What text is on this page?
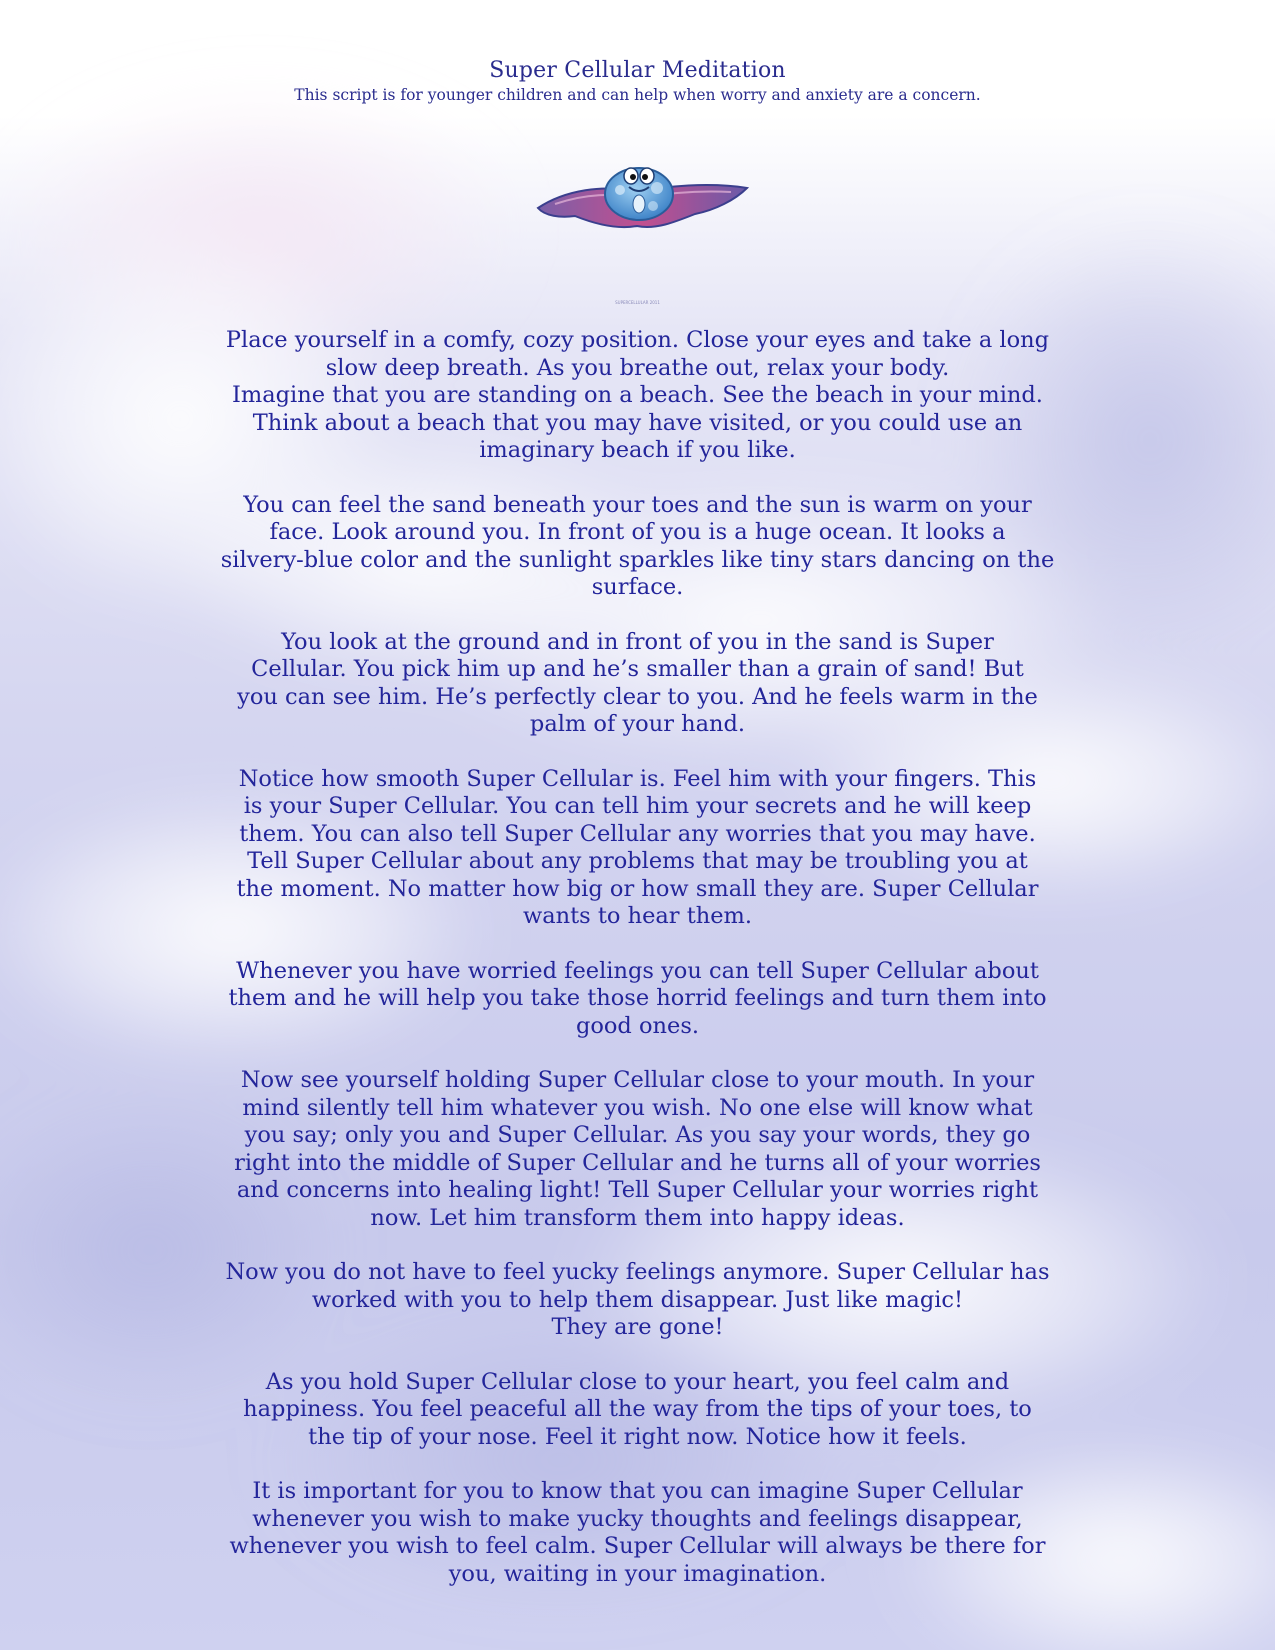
Super Cellular Meditation
This script is for younger children and can help when worry and anxiety are a concern.
SUPERCELLULAR 2011
Place yourself in a comfy, cozy position. Close your eyes and take a long
slow deep breath. As you breathe out, relax your body.
Imagine that you are standing on a beach. See the beach in your mind.
Think about a beach that you may have visited, or you could use an
imaginary beach if you like.
You can feel the sand beneath your toes and the sun is warm on your
face. Look around you. In front of you is a huge ocean. It looks a
silvery-blue color and the sunlight sparkles like tiny stars dancing on the
surface.
You look at the ground and in front of you in the sand is Super
Cellular. You pick him up and he’s smaller than a grain of sand! But
you can see him. He’s perfectly clear to you. And he feels warm in the
palm of your hand.
Notice how smooth Super Cellular is. Feel him with your fingers. This
is your Super Cellular. You can tell him your secrets and he will keep
them. You can also tell Super Cellular any worries that you may have.
Tell Super Cellular about any problems that may be troubling you at
the moment. No matter how big or how small they are. Super Cellular
wants to hear them.
Whenever you have worried feelings you can tell Super Cellular about
them and he will help you take those horrid feelings and turn them into
good ones.
Now see yourself holding Super Cellular close to your mouth. In your
mind silently tell him whatever you wish. No one else will know what
you say; only you and Super Cellular. As you say your words, they go
right into the middle of Super Cellular and he turns all of your worries
and concerns into healing light! Tell Super Cellular your worries right
now. Let him transform them into happy ideas.
Now you do not have to feel yucky feelings anymore. Super Cellular has
worked with you to help them disappear. Just like magic!
They are gone!
As you hold Super Cellular close to your heart, you feel calm and
happiness. You feel peaceful all the way from the tips of your toes, to
the tip of your nose. Feel it right now. Notice how it feels.
It is important for you to know that you can imagine Super Cellular
whenever you wish to make yucky thoughts and feelings disappear,
whenever you wish to feel calm. Super Cellular will always be there for
you, waiting in your imagination.
